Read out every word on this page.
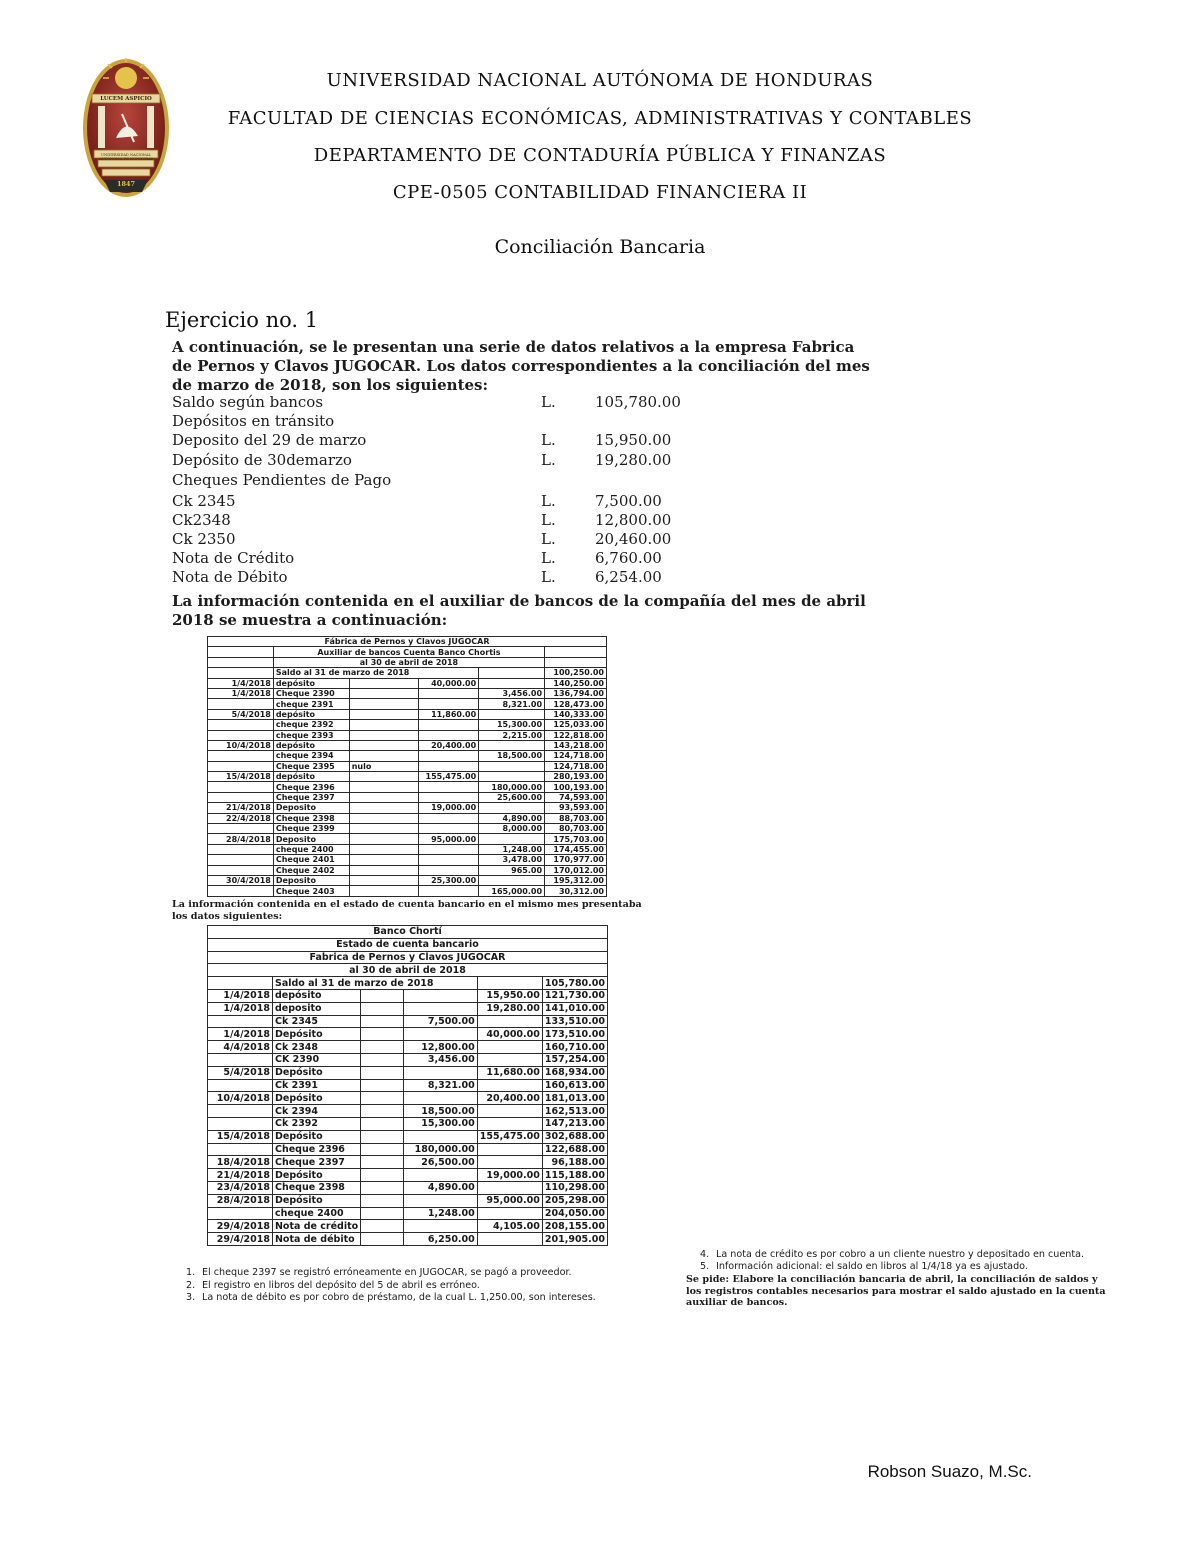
LUCEM ASPICIO
UNIVERSIDAD NACIONAL AUTÓNOMA DE HONDURAS
1847
UNIVERSIDAD NACIONAL AUTÓNOMA DE HONDURAS
FACULTAD DE CIENCIAS ECONÓMICAS, ADMINISTRATIVAS Y CONTABLES
DEPARTAMENTO DE CONTADURÍA PÚBLICA Y FINANZAS
CPE-0505 CONTABILIDAD FINANCIERA II
Conciliación Bancaria
Ejercicio no. 1
A continuación, se le presentan una serie de datos relativos a la empresa Fabrica de Pernos y Clavos JUGOCAR. Los datos correspondientes a la conciliación del mes de marzo de 2018, son los siguientes:
Saldo según bancos	L.	105,780.00
Depósitos en tránsito
Deposito del 29 de marzo	L.	15,950.00
Depósito de 30demarzo	L.	19,280.00
Cheques Pendientes de Pago
Ck 2345	L.	7,500.00
Ck2348	L.	12,800.00
Ck 2350	L.	20,460.00
Nota de Crédito	L.	6,760.00
Nota de Débito	L.	6,254.00
La información contenida en el auxiliar de bancos de la compañía del mes de abril 2018 se muestra a continuación:
Fábrica de Pernos y Clavos JUGOCAR					
	Auxiliar de bancos Cuenta Banco Chortis				
	al 30 de abril de 2018				
	Saldo al 31 de marzo de 2018				100,250.00
1/4/2018	depósito		40,000.00		140,250.00
1/4/2018	Cheque 2390			3,456.00	136,794.00
	cheque 2391			8,321.00	128,473.00
5/4/2018	depósito		11,860.00		140,333.00
	cheque 2392			15,300.00	125,033.00
	cheque 2393			2,215.00	122,818.00
10/4/2018	depósito		20,400.00		143,218.00
	cheque 2394			18,500.00	124,718.00
	Cheque 2395	nulo			124,718.00
15/4/2018	depósito		155,475.00		280,193.00
	Cheque 2396			180,000.00	100,193.00
	Cheque 2397			25,600.00	74,593.00
21/4/2018	Deposito		19,000.00		93,593.00
22/4/2018	Cheque 2398			4,890.00	88,703.00
	Cheque 2399			8,000.00	80,703.00
28/4/2018	Deposito		95,000.00		175,703.00
	cheque 2400			1,248.00	174,455.00
	Cheque 2401			3,478.00	170,977.00
	Cheque 2402			965.00	170,012.00
30/4/2018	Deposito		25,300.00		195,312.00
	Cheque 2403			165,000.00	30,312.00
La información contenida en el estado de cuenta bancario en el mismo mes presentaba los datos siguientes:
Banco Chortí					
Estado de cuenta bancario					
Fabrica de Pernos y Clavos JUGOCAR					
al 30 de abril de 2018					
	Saldo al 31 de marzo de 2018				105,780.00
1/4/2018	depósito			15,950.00	121,730.00
1/4/2018	deposito			19,280.00	141,010.00
	Ck 2345		7,500.00		133,510.00
1/4/2018	Depósito			40,000.00	173,510.00
4/4/2018	Ck 2348		12,800.00		160,710.00
	CK 2390		3,456.00		157,254.00
5/4/2018	Depósito			11,680.00	168,934.00
	Ck 2391		8,321.00		160,613.00
10/4/2018	Depósito			20,400.00	181,013.00
	Ck 2394		18,500.00		162,513.00
	Ck 2392		15,300.00		147,213.00
15/4/2018	Depósito			155,475.00	302,688.00
	Cheque 2396		180,000.00		122,688.00
18/4/2018	Cheque 2397		26,500.00		96,188.00
21/4/2018	Depósito			19,000.00	115,188.00
23/4/2018	Cheque 2398		4,890.00		110,298.00
28/4/2018	Depósito			95,000.00	205,298.00
	cheque 2400		1,248.00		204,050.00
29/4/2018	Nota de crédito			4,105.00	208,155.00
29/4/2018	Nota de débito		6,250.00		201,905.00
1. El cheque 2397 se registró erróneamente en JUGOCAR, se pagó a proveedor.
2. El registro en libros del depósito del 5 de abril es erróneo.
3. La nota de débito es por cobro de préstamo, de la cual L. 1,250.00, son intereses.
4. La nota de crédito es por cobro a un cliente nuestro y depositado en cuenta.
5. Información adicional: el saldo en libros al 1/4/18 ya es ajustado.
Se pide: Elabore la conciliación bancaria de abril, la conciliación de saldos y los registros contables necesarios para mostrar el saldo ajustado en la cuenta auxiliar de bancos.
Robson Suazo, M.Sc.
